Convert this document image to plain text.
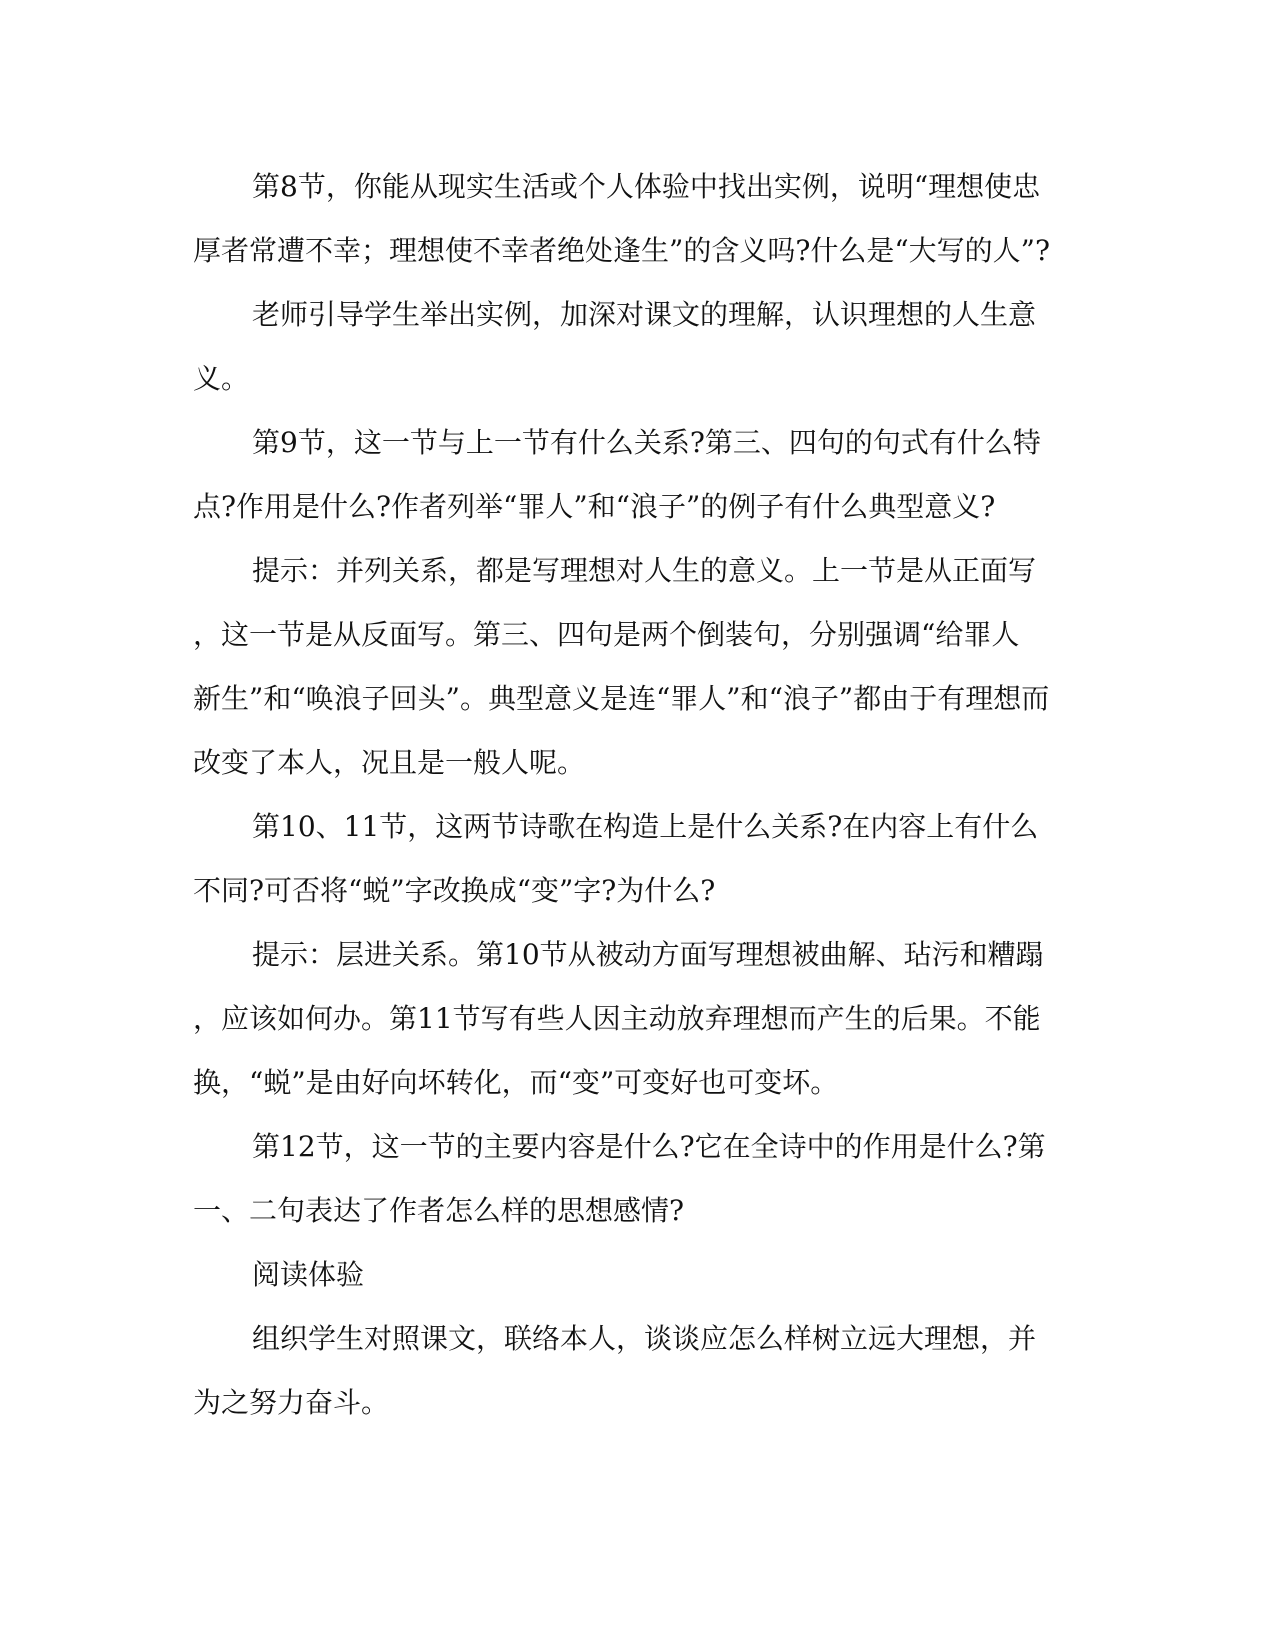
第8节，你能从现实生活或个人体验中找出实例，说明“理想使忠
厚者常遭不幸；理想使不幸者绝处逢生”的含义吗?什么是“大写的人”?
老师引导学生举出实例，加深对课文的理解，认识理想的人生意
义。
第9节，这一节与上一节有什么关系?第三、四句的句式有什么特
点?作用是什么?作者列举“罪人”和“浪子”的例子有什么典型意义?
提示：并列关系，都是写理想对人生的意义。上一节是从正面写
，这一节是从反面写。第三、四句是两个倒装句，分别强调“给罪人
新生”和“唤浪子回头”。典型意义是连“罪人”和“浪子”都由于有理想而
改变了本人，况且是一般人呢。
第10、11节，这两节诗歌在构造上是什么关系?在内容上有什么
不同?可否将“蜕”字改换成“变”字?为什么?
提示：层进关系。第10节从被动方面写理想被曲解、玷污和糟蹋
，应该如何办。第11节写有些人因主动放弃理想而产生的后果。不能
换，“蜕”是由好向坏转化，而“变”可变好也可变坏。
第12节，这一节的主要内容是什么?它在全诗中的作用是什么?第
一、二句表达了作者怎么样的思想感情?
阅读体验
组织学生对照课文，联络本人，谈谈应怎么样树立远大理想，并
为之努力奋斗。
